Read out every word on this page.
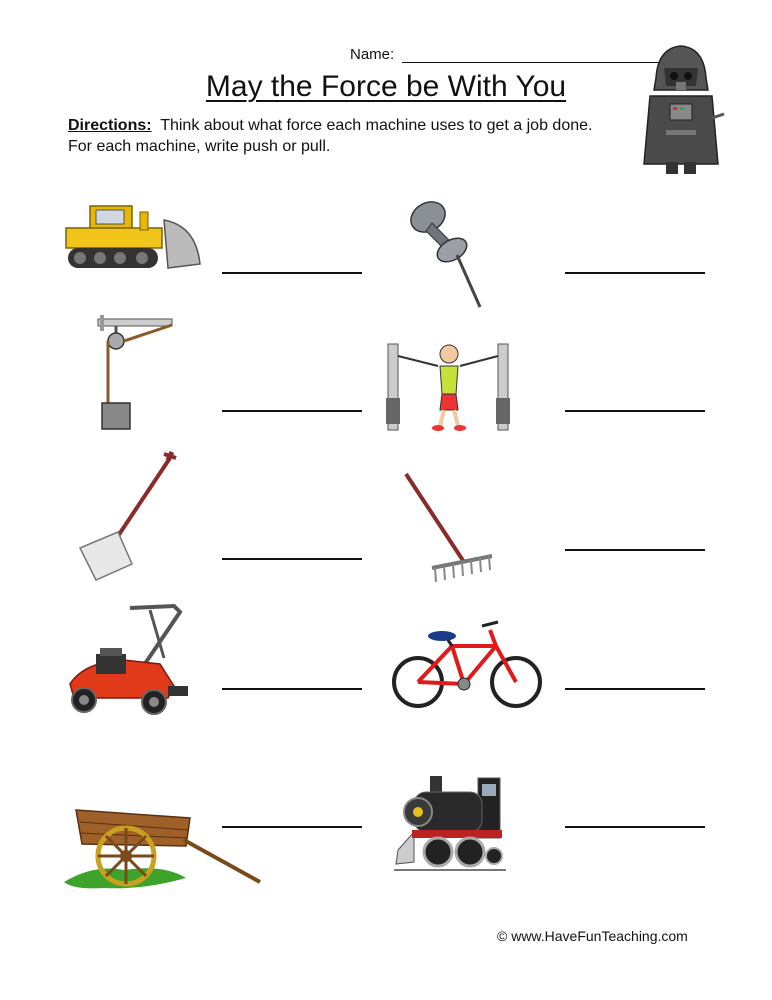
Name:
May the Force be With You
Directions: Think about what force each machine uses to get a job done.
For each machine, write push or pull.
© www.HaveFunTeaching.com
